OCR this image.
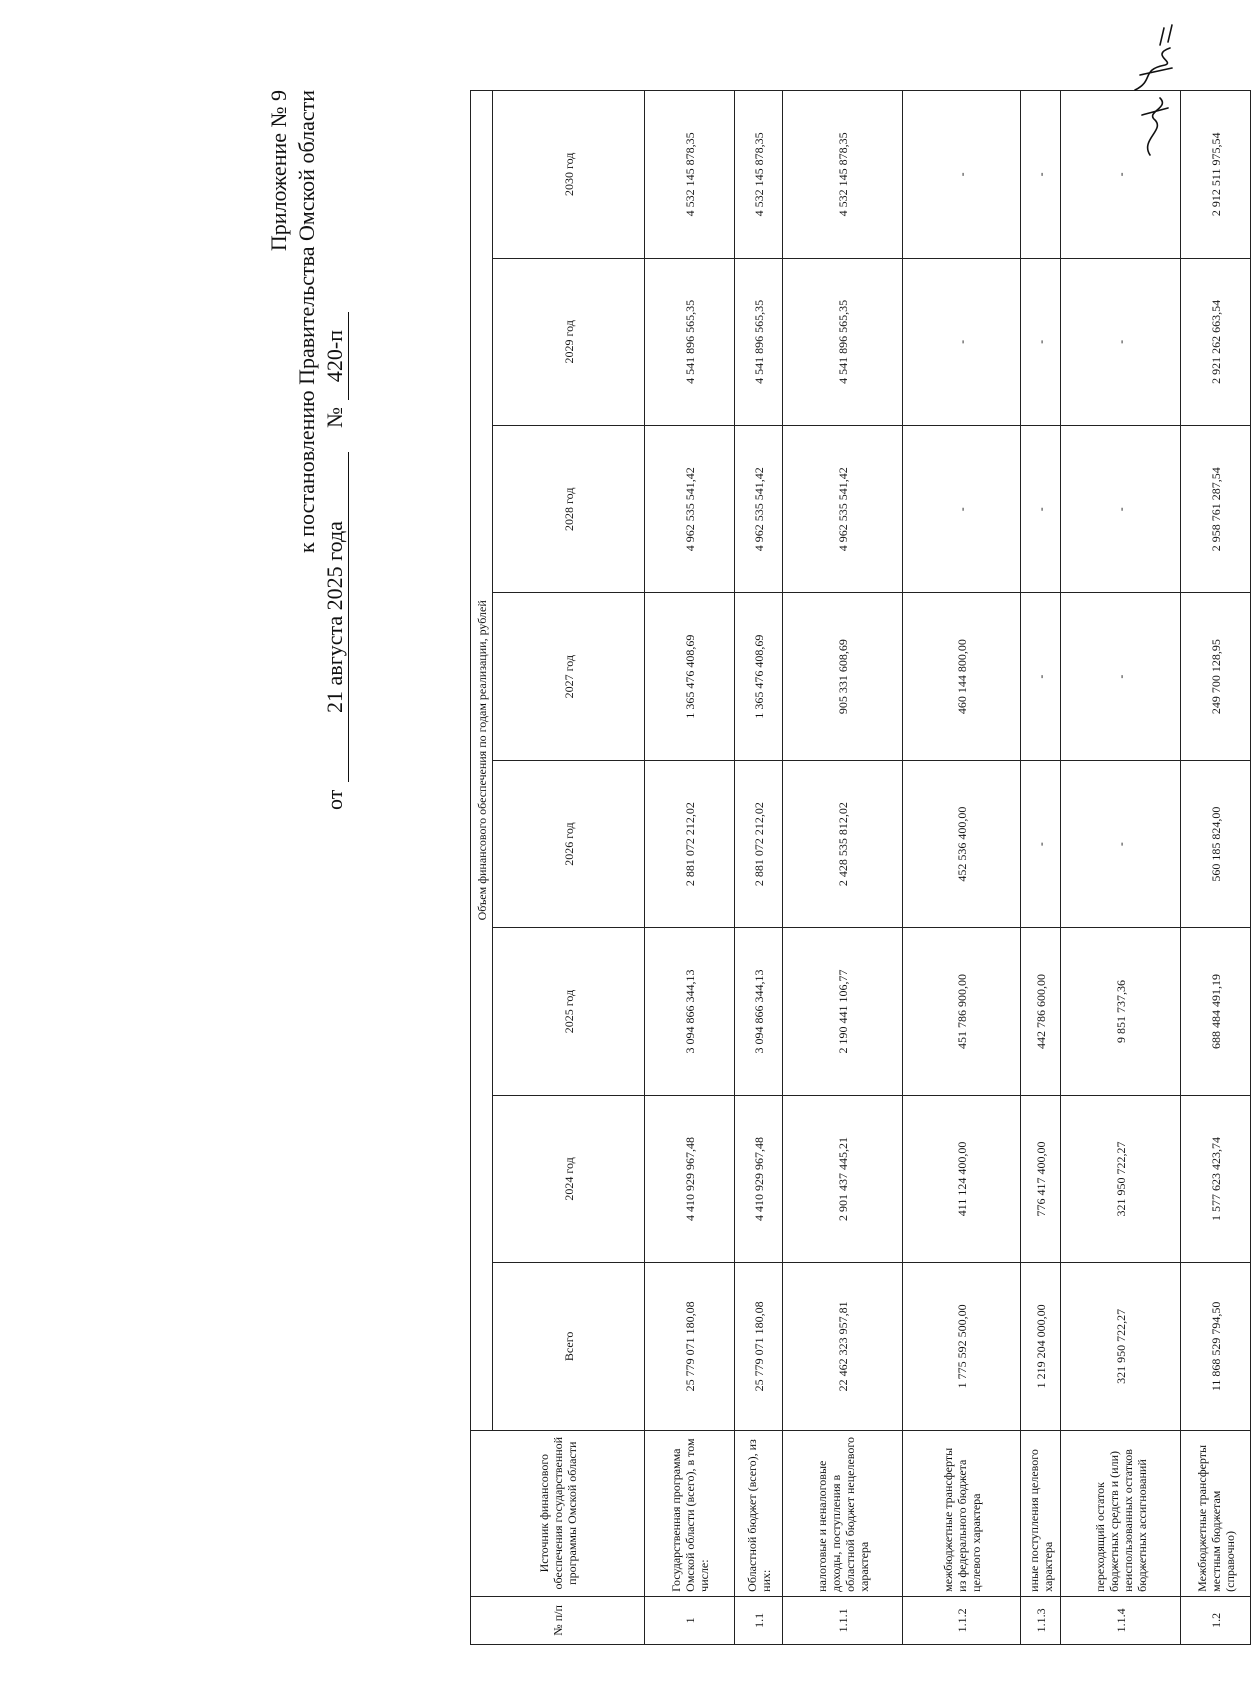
Приложение № 9 к постановлению Правительства Омской области
от
21 августа 2025 года
№
420-п
№ п/п	Источник финансового обеспечения государственной программы Омской области	Объем финансового обеспечения по годам реализации, рублей							
		Всего	2024 год	2025 год	2026 год	2027 год	2028 год	2029 год	2030 год
1	Государственная программа Омской области (всего), в том числе:	25 779 071 180,08	4 410 929 967,48	3 094 866 344,13	2 881 072 212,02	1 365 476 408,69	4 962 535 541,42	4 541 896 565,35	4 532 145 878,35
1.1	Областной бюджет (всего), из них:	25 779 071 180,08	4 410 929 967,48	3 094 866 344,13	2 881 072 212,02	1 365 476 408,69	4 962 535 541,42	4 541 896 565,35	4 532 145 878,35
1.1.1	налоговые и неналоговые доходы, поступления в областной бюджет нецелевого характера	22 462 323 957,81	2 901 437 445,21	2 190 441 106,77	2 428 535 812,02	905 331 608,69	4 962 535 541,42	4 541 896 565,35	4 532 145 878,35
1.1.2	межбюджетные трансферты из федерального бюджета целевого характера	1 775 592 500,00	411 124 400,00	451 786 900,00	452 536 400,00	460 144 800,00	-	-	-
1.1.3	иные поступления целевого характера	1 219 204 000,00	776 417 400,00	442 786 600,00	-	-	-	-	-
1.1.4	переходящий остаток бюджетных средств и (или) неиспользованных остатков бюджетных ассигнований	321 950 722,27	321 950 722,27	9 851 737,36	-	-	-	-	-
1.2	Межбюджетные трансферты местным бюджетам (справочно)	11 868 529 794,50	1 577 623 423,74	688 484 491,19	560 185 824,00	249 700 128,95	2 958 761 287,54	2 921 262 663,54	2 912 511 975,54
